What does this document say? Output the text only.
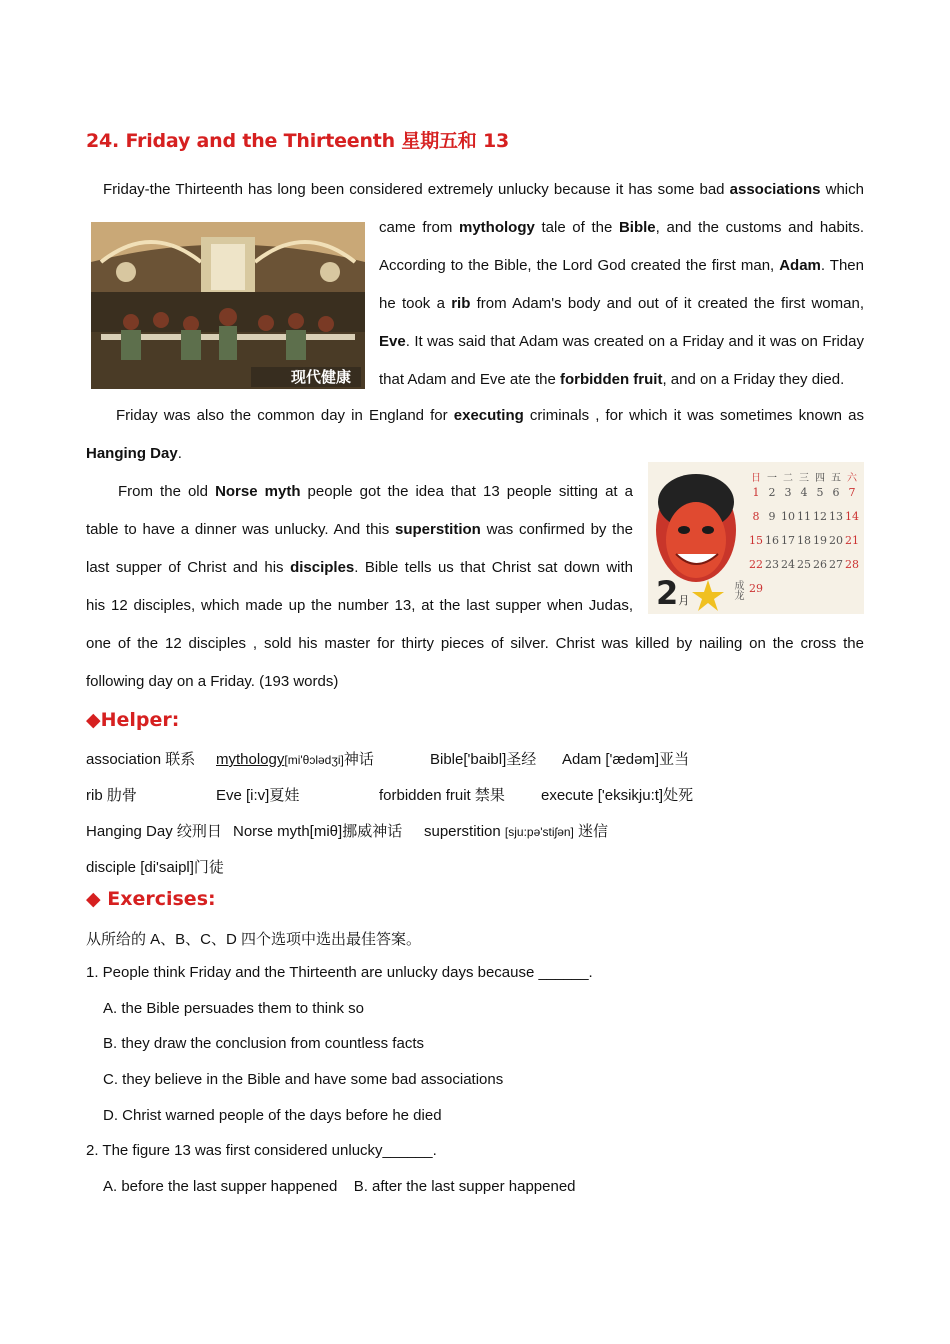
24. Friday and the Thirteenth 星期五和 13
Friday-the Thirteenth has long been considered extremely unlucky because it has some bad associations which
现代健康
came from mythology tale of the Bible, and the customs and habits.
According to the Bible, the Lord God created the first man, Adam. Then
he took a rib from Adam's body and out of it created the first woman,
Eve. It was said that Adam was created on a Friday and it was on Friday
that Adam and Eve ate the forbidden fruit, and on a Friday they died.
Friday was also the common day in England for executing criminals , for which it was sometimes known as
Hanging Day.
2月
成龙
日 一 二 三 四 五 六
1 2 3 4 5 6 7
8 9 10 11 12 13 14
15 16 17 18 19 20 21
22 23 24 25 26 27 28
29
From the old Norse myth people got the idea that 13 people sitting at a
table to have a dinner was unlucky. And this superstition was confirmed by the
last supper of Christ and his disciples. Bible tells us that Christ sat down with
his 12 disciples, which made up the number 13, at the last supper when Judas,
one of the 12 disciples , sold his master for thirty pieces of silver. Christ was killed by nailing on the cross the
following day on a Friday. (193 words)
◆Helper:
association 联系 mythology[mi'θɔlədʒi]神话	Bible['baibl]圣经 Adam ['ædəm]亚当
rib 肋骨	Eve [i:v]夏娃	forbidden fruit 禁果 execute ['eksikju:t]处死
Hanging Day 绞刑日 Norse myth[miθ]挪威神话 superstition [sju:pə'stiʃən] 迷信
disciple [di'saipl]门徒
◆ Exercises:
从所给的 A、B、C、D 四个选项中选出最佳答案。
1. People think Friday and the Thirteenth are unlucky days because ______.
A. the Bible persuades them to think so
B. they draw the conclusion from countless facts
C. they believe in the Bible and have some bad associations
D. Christ warned people of the days before he died
2. The figure 13 was first considered unlucky______.
A. before the last supper happened B. after the last supper happened
